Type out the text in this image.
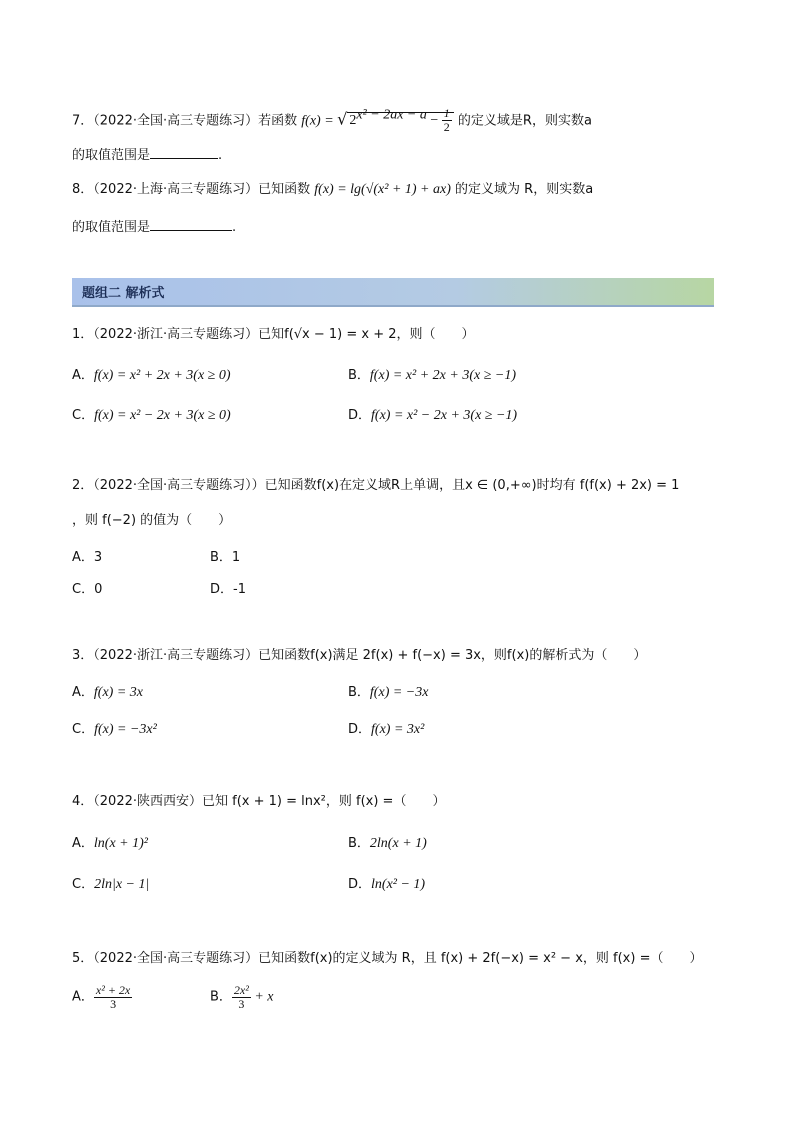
7．（2022·全国·高三专题练习）若函数 f(x) = √ $2^{x^2 - 2ax - a} - \frac{1}{2}$ 的定义域是R，则实数a
的取值范围是	.
8．（2022·上海·高三专题练习）已知函数 f(x) = lg(√(x² + 1) + ax) 的定义域为 R，则实数a
的取值范围是	.
题组二 解析式
1．（2022·浙江·高三专题练习）已知f(√x − 1) = x + 2，则（　　）
A．f(x) = x² + 2x + 3(x ≥ 0)	B．f(x) = x² + 2x + 3(x ≥ −1)
C．f(x) = x² − 2x + 3(x ≥ 0)	D．f(x) = x² − 2x + 3(x ≥ −1)
2．（2022·全国·高三专题练习））已知函数f(x)在定义域R上单调，且x ∈ (0,+∞)时均有 f(f(x) + 2x) = 1
，则 f(−2) 的值为（　　）
A．3	B．1
C．0	D．-1
3．（2022·浙江·高三专题练习）已知函数f(x)满足 2f(x) + f(−x) = 3x，则f(x)的解析式为（　　）
A．f(x) = 3x	B．f(x) = −3x
C．f(x) = −3x²	D．f(x) = 3x²
4．（2022·陕西西安）已知 f(x + 1) = lnx²，则 f(x) =（　　）
A．ln(x + 1)²	B．2ln(x + 1)
C．2ln|x − 1|	D．ln(x² − 1)
5．（2022·全国·高三专题练习）已知函数f(x)的定义域为 R，且 f(x) + 2f(−x) = x² − x，则 f(x) =（　　）
A． $\frac{\text{x² + 2x}}{3}$	B． $\frac{\text{2x²}}{3} + x$
